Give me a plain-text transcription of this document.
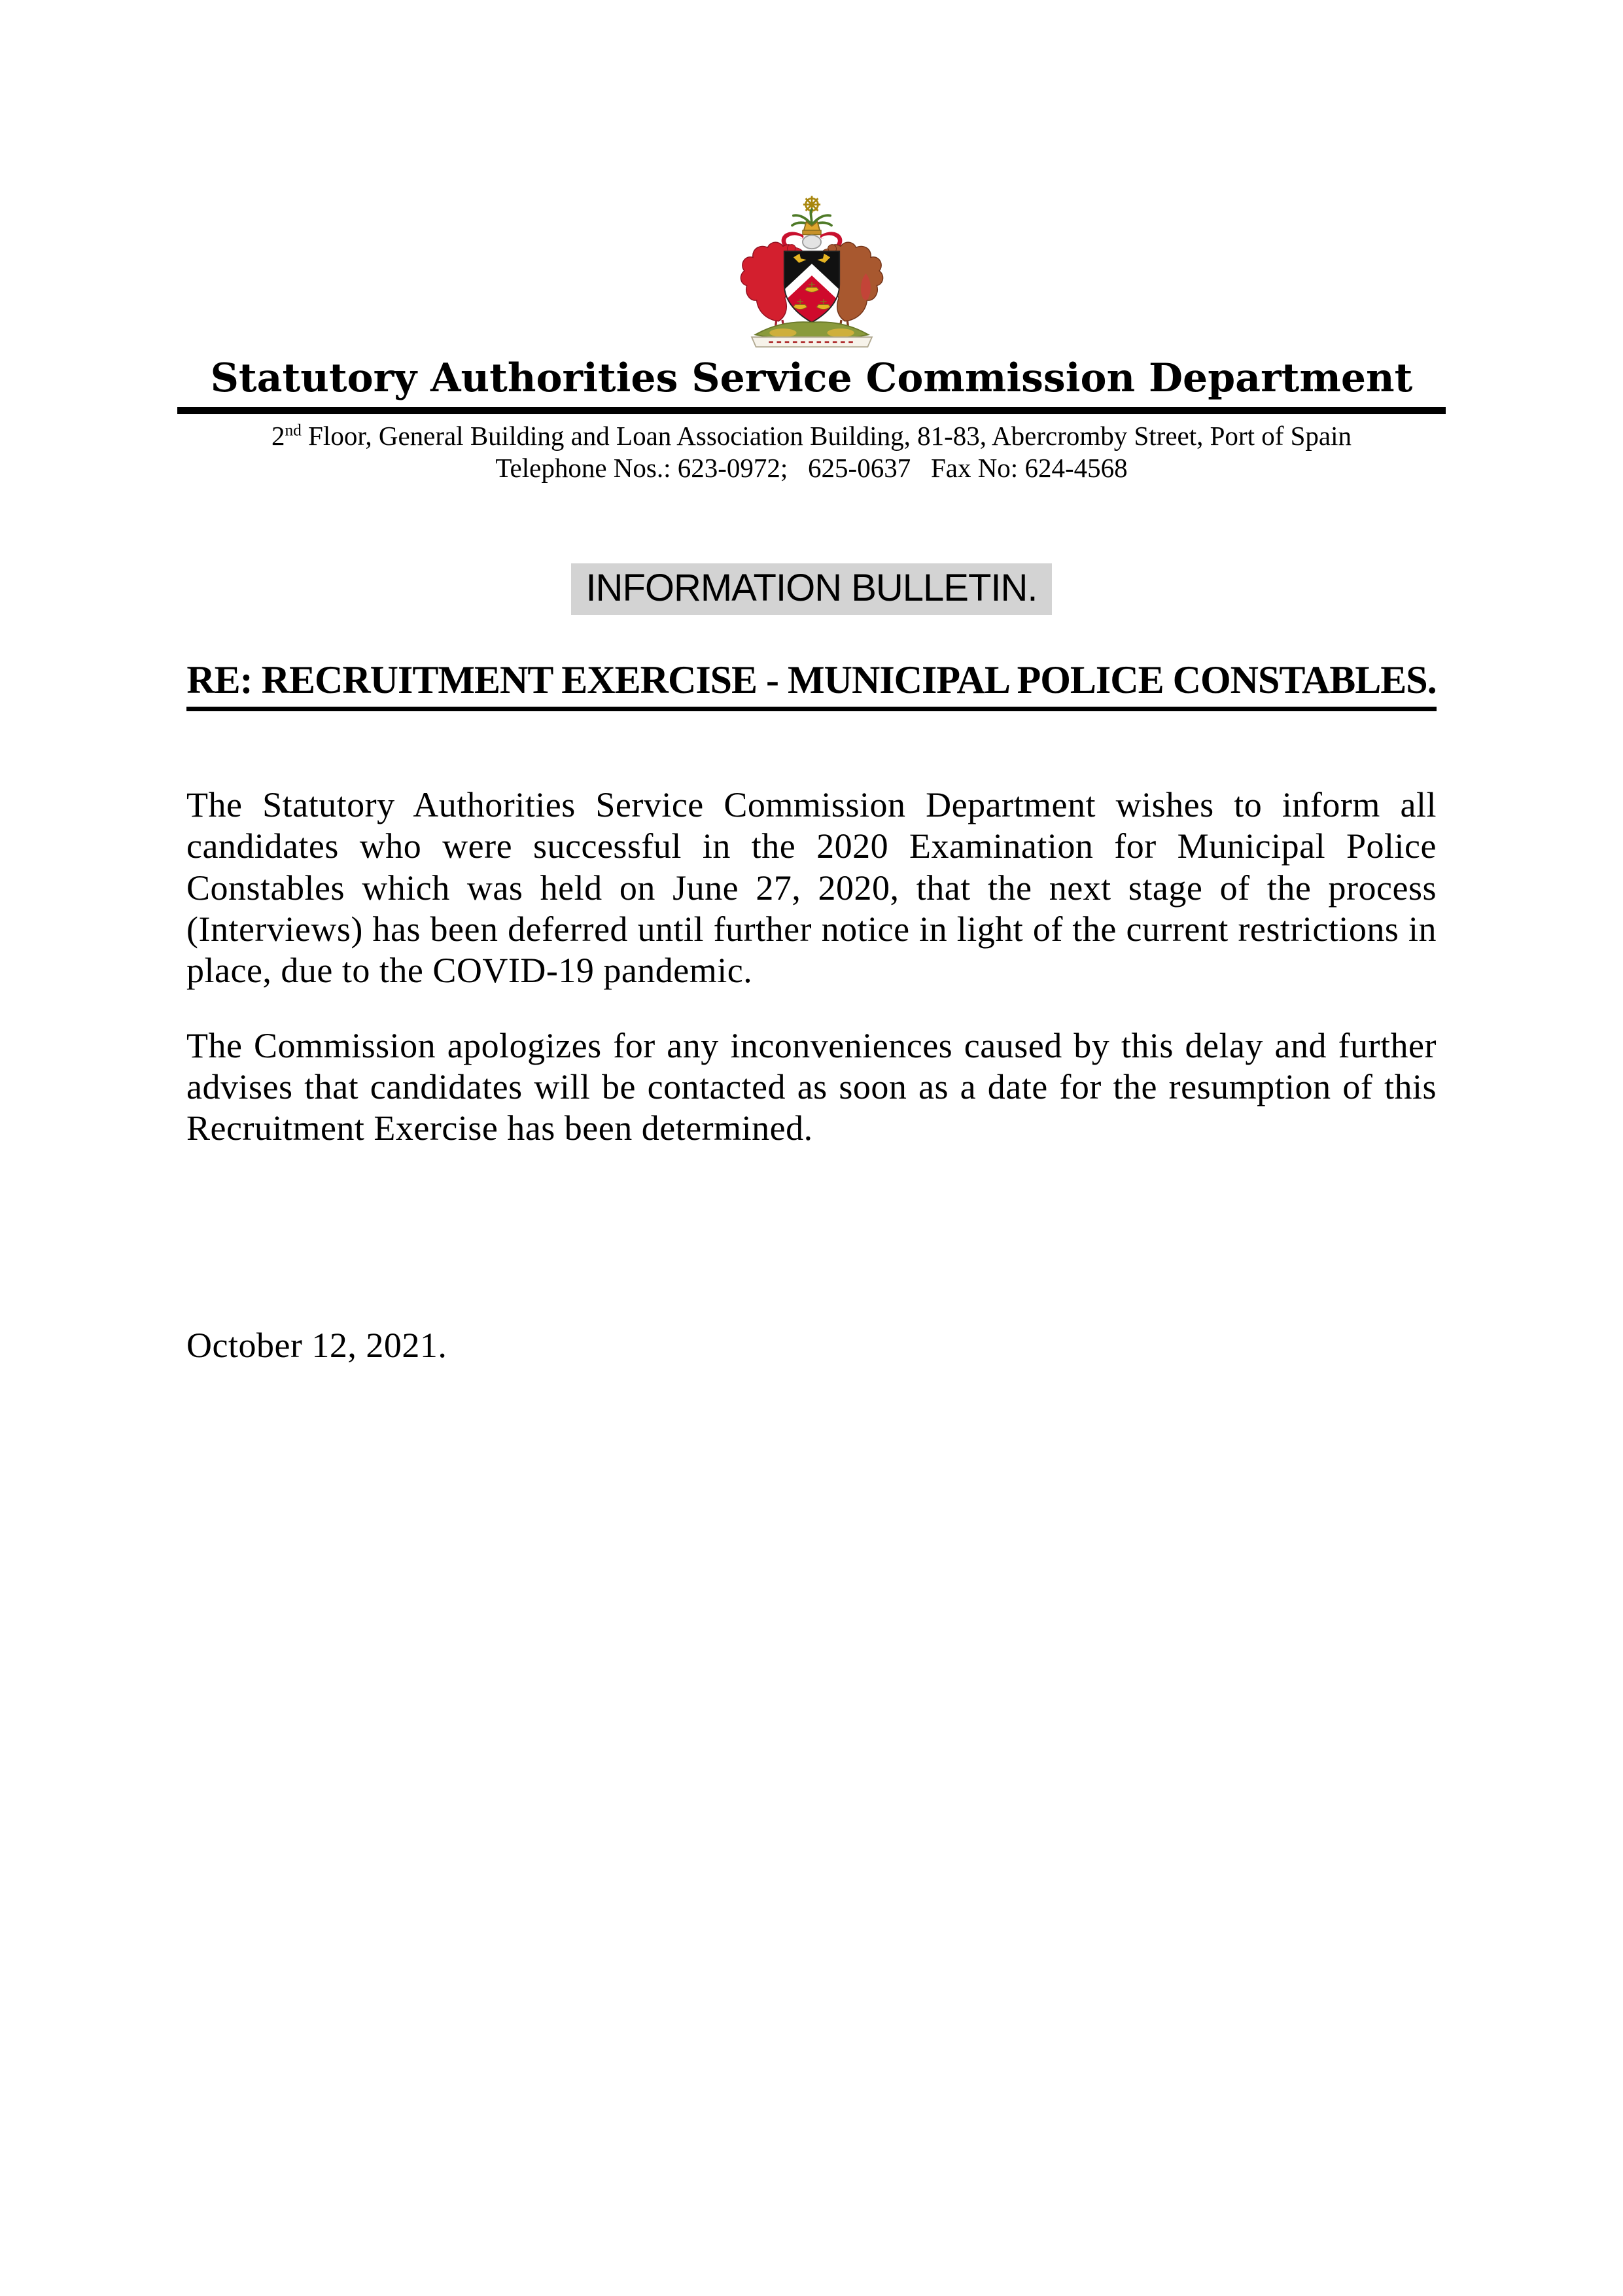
Statutory Authorities Service Commission Department
2nd Floor, General Building and Loan Association Building, 81-83, Abercromby Street, Port of Spain
Telephone Nos.: 623-0972;   625-0637   Fax No: 624-4568
INFORMATION BULLETIN.
RE: RECRUITMENT EXERCISE - MUNICIPAL POLICE CONSTABLES.

The Statutory Authorities Service Commission Department wishes to inform all candidates who were successful in the 2020 Examination for Municipal Police Constables which was held on June 27, 2020, that the next stage of the process (Interviews) has been deferred until further notice in light of the current restrictions in place, due to the COVID-19 pandemic.

The Commission apologizes for any inconveniences caused by this delay and further advises that candidates will be contacted as soon as a date for the resumption of this Recruitment Exercise has been determined.

October 12, 2021.
